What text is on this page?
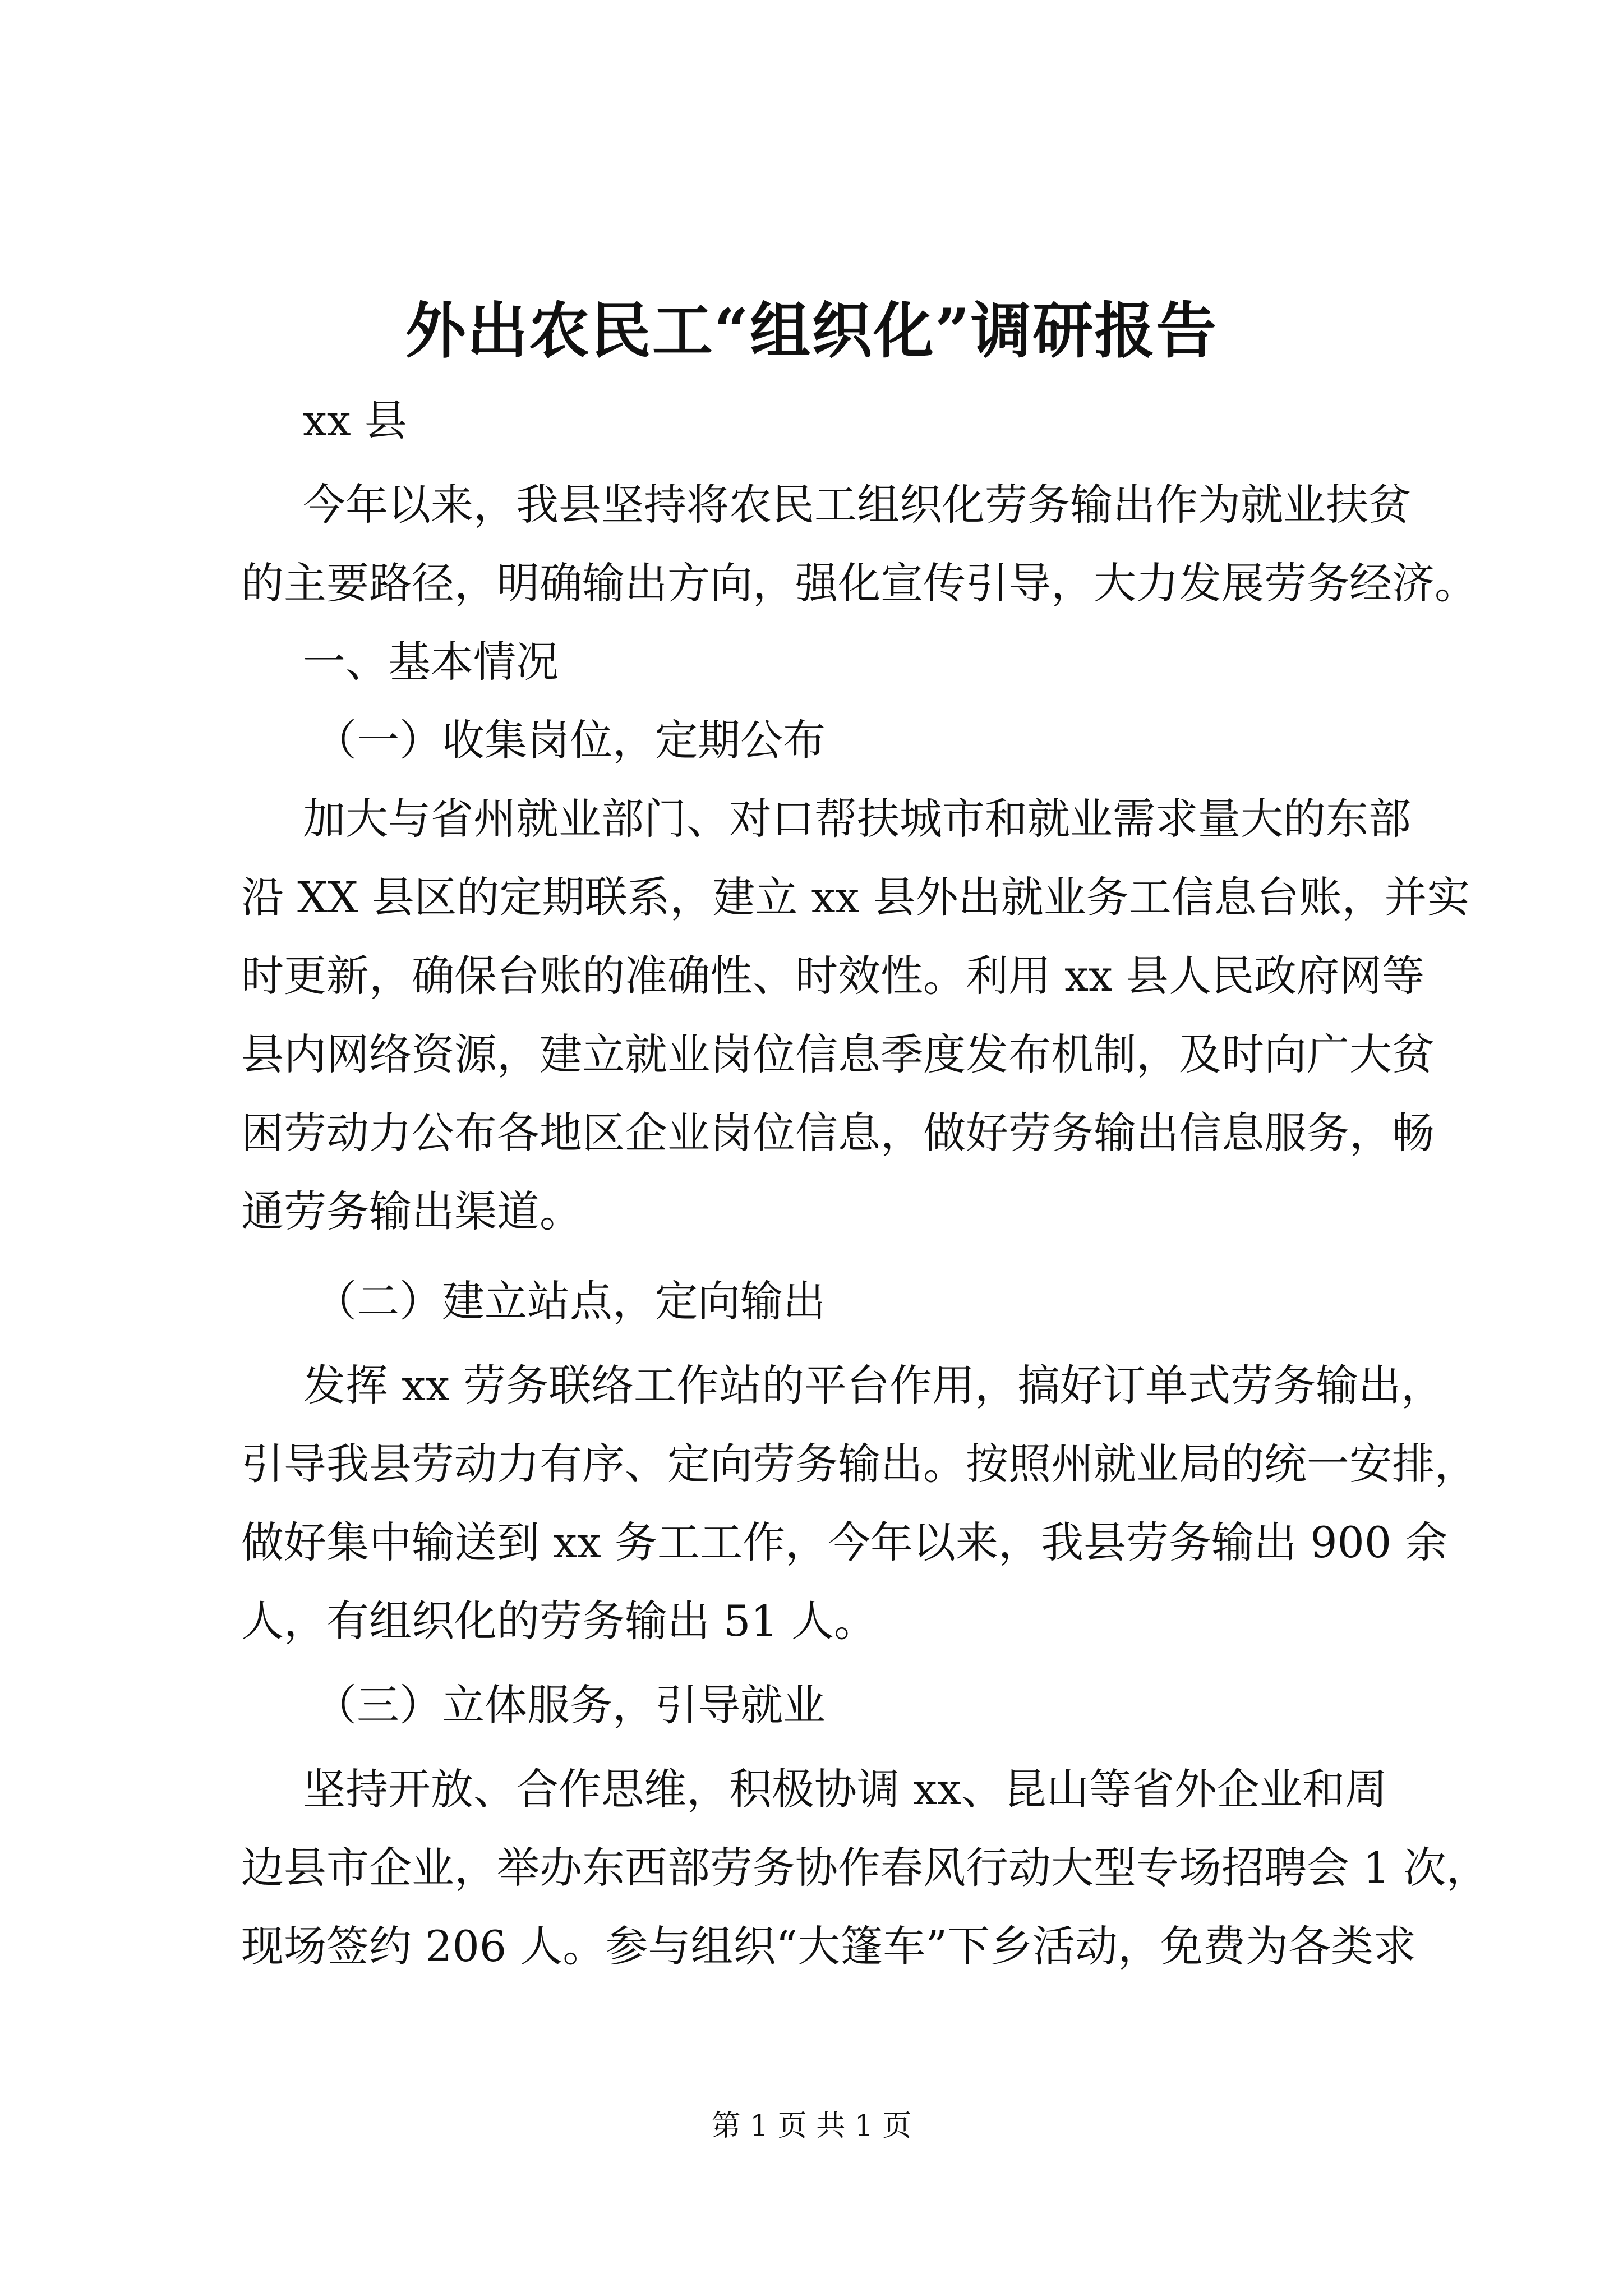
外出农民工“组织化”调研报告

xx 县

今年以来，我县坚持将农民工组织化劳务输出作为就业扶贫

的主要路径，明确输出方向，强化宣传引导，大力发展劳务经济。

一、基本情况

（一）收集岗位，定期公布

加大与省州就业部门、对口帮扶城市和就业需求量大的东部

沿 XX 县区的定期联系，建立 xx 县外出就业务工信息台账，并实

时更新，确保台账的准确性、时效性。利用 xx 县人民政府网等

县内网络资源，建立就业岗位信息季度发布机制，及时向广大贫

困劳动力公布各地区企业岗位信息，做好劳务输出信息服务，畅

通劳务输出渠道。

（二）建立站点，定向输出

发挥 xx 劳务联络工作站的平台作用，搞好订单式劳务输出，

引导我县劳动力有序、定向劳务输出。按照州就业局的统一安排，

做好集中输送到 xx 务工工作，今年以来，我县劳务输出 900 余

人，有组织化的劳务输出 51 人。

（三）立体服务，引导就业

坚持开放、合作思维，积极协调 xx、昆山等省外企业和周

边县市企业，举办东西部劳务协作春风行动大型专场招聘会 1 次，

现场签约 206 人。参与组织“大篷车”下乡活动，免费为各类求

第 1 页 共 1 页
